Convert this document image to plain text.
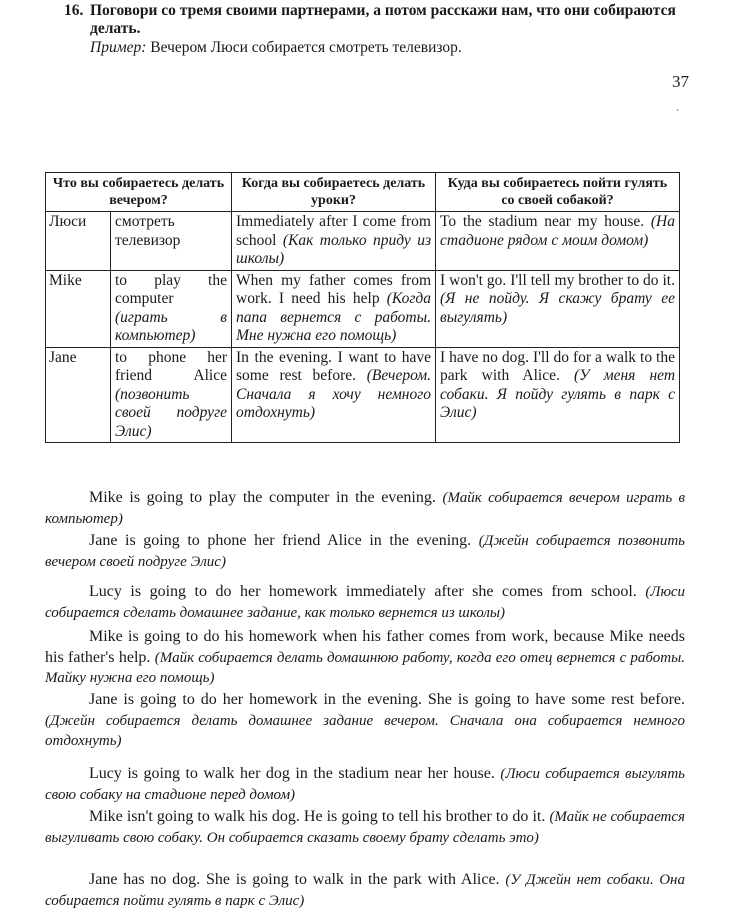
16. Поговори со тремя своими партнерами, а потом расскажи нам, что они собираются делать.
Пример: Вечером Люси собирается смотреть телевизор.
37
ˊ
Что вы собираетесь делать вечером?		Когда вы собираетесь делать уроки?	Куда вы собираетесь пойти гулять со своей собакой?
Люси	смотреть телевизор	Immediately after I come from school (Как только приду из школы)	To the stadium near my house. (На стадионе рядом с моим домом)
Mike	to play the computer (играть в компьютер)	When my father comes from work. I need his help (Когда папа вернется с работы. Мне нужна его помощь)	I won't go. I'll tell my brother to do it. (Я не пойду. Я скажу брату ее выгулять)
Jane	to phone her friend Alice (позвонить своей подруге Элис)	In the evening. I want to have some rest before. (Вечером. Сначала я хочу немного отдохнуть)	I have no dog. I'll do for a walk to the park with Alice. (У меня нет собаки. Я пойду гулять в парк с Элис)
Mike is going to play the computer in the evening. (Майк собирается вечером играть в компьютер)
Jane is going to phone her friend Alice in the evening. (Джейн собирается позвонить вечером своей подруге Элис)
Lucy is going to do her homework immediately after she comes from school. (Люси собирается сделать домашнее задание, как только вернется из школы)
Mike is going to do his homework when his father comes from work, because Mike needs his father's help. (Майк собирается делать домашнюю работу, когда его отец вернется с работы. Майку нужна его помощь)
Jane is going to do her homework in the evening. She is going to have some rest before. (Джейн собирается делать домашнее задание вечером. Сначала она собирается немного отдохнуть)
Lucy is going to walk her dog in the stadium near her house. (Люси собирается выгулять свою собаку на стадионе перед домом)
Mike isn't going to walk his dog. He is going to tell his brother to do it. (Майк не собирается выгуливать свою собаку. Он собирается сказать своему брату сделать это)
Jane has no dog. She is going to walk in the park with Alice. (У Джейн нет собаки. Она собирается пойти гулять в парк с Элис)
